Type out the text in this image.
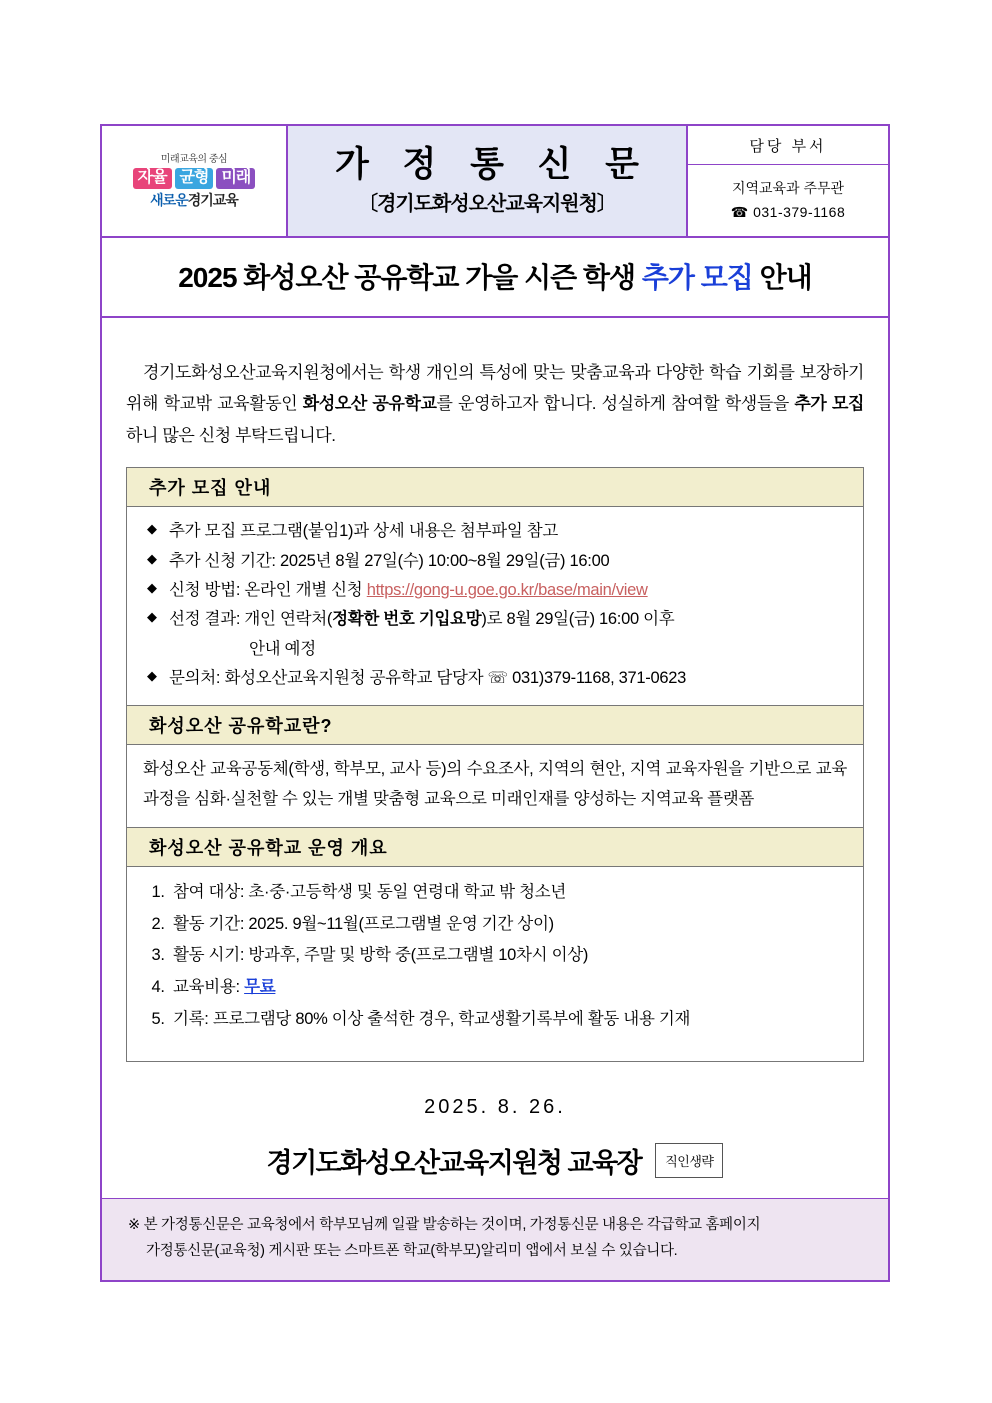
미래교육의 중심
자율 균형 미래
새로운경기교육
가 정 통 신 문
〔경기도화성오산교육지원청〕
담당 부서
지역교육과 주무관
☎ 031-379-1168
2025 화성오산 공유학교 가을 시즌 학생 추가 모집 안내

경기도화성오산교육지원청에서는 학생 개인의 특성에 맞는 맞춤교육과 다양한 학습 기회를 보장하기 위해 학교밖 교육활동인 화성오산 공유학교를 운영하고자 합니다. 성실하게 참여할 학생들을 추가 모집하니 많은 신청 부탁드립니다.

추가 모집 안내
◆ 추가 모집 프로그램(붙임1)과 상세 내용은 첨부파일 참고
◆ 추가 신청 기간: 2025년 8월 27일(수) 10:00~8월 29일(금) 16:00
◆ 신청 방법: 온라인 개별 신청 https://gong-u.goe.go.kr/base/main/view
◆ 선정 결과: 개인 연락처(정확한 번호 기입요망)로 8월 29일(금) 16:00 이후
안내 예정
◆ 문의처: 화성오산교육지원청 공유학교 담당자 ☏ 031)379-1168, 371-0623
화성오산 공유학교란?

화성오산 교육공동체(학생, 학부모, 교사 등)의 수요조사, 지역의 현안, 지역 교육자원을 기반으로 교육과정을 심화·실천할 수 있는 개별 맞춤형 교육으로 미래인재를 양성하는 지역교육 플랫폼

화성오산 공유학교 운영 개요
1. 참여 대상: 초·중·고등학생 및 동일 연령대 학교 밖 청소년
2. 활동 기간: 2025. 9월~11월(프로그램별 운영 기간 상이)
3. 활동 시기: 방과후, 주말 및 방학 중(프로그램별 10차시 이상)
4. 교육비용: 무료
5. 기록: 프로그램당 80% 이상 출석한 경우, 학교생활기록부에 활동 내용 기재
2025. 8. 26.
경기도화성오산교육지원청 교육장	직인생략
※ 본 가정통신문은 교육청에서 학부모님께 일괄 발송하는 것이며, 가정통신문 내용은 각급학교 홈페이지
가정통신문(교육청) 게시판 또는 스마트폰 학교(학부모)알리미 앱에서 보실 수 있습니다.
